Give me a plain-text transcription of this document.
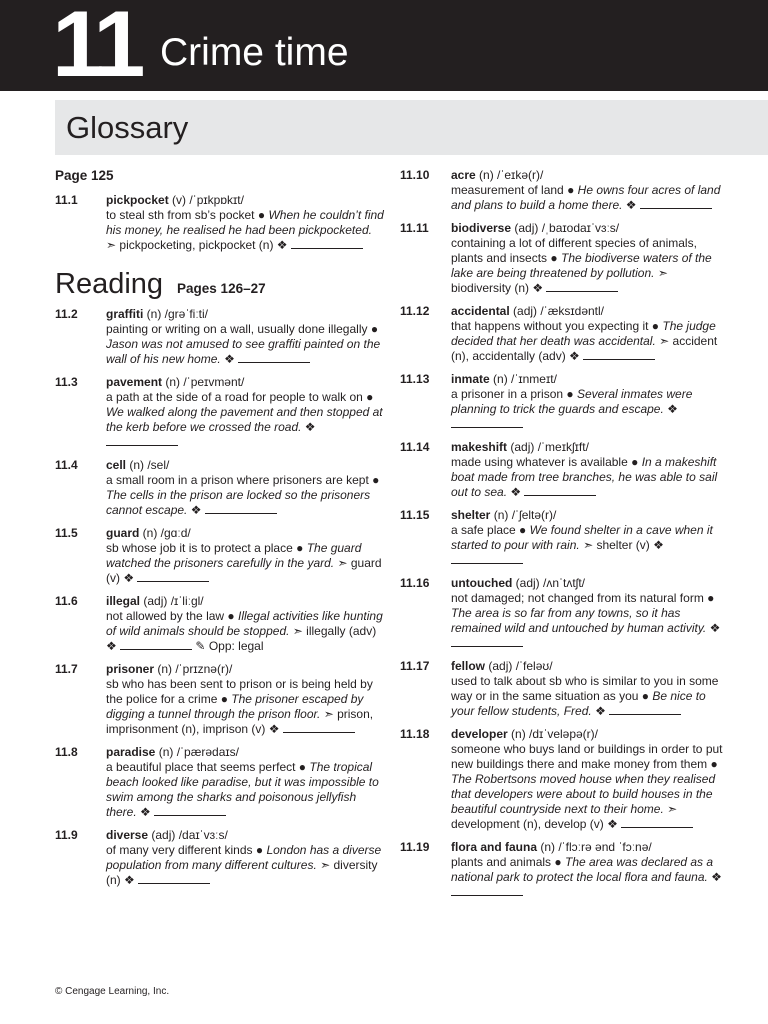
11 Crime time
Glossary
Page 125
11.1	pickpocket (v) /ˈpɪkpɒkɪt/
to steal sth from sb’s pocket ● When he couldn’t find his money, he realised he had been pickpocketed. ➣ pickpocketing, pickpocket (n) ❖
Reading Pages 126–27
11.2	graffiti (n) /ɡrəˈfiːti/
painting or writing on a wall, usually done illegally ● Jason was not amused to see graffiti painted on the wall of his new home. ❖
11.3	pavement (n) /ˈpeɪvmənt/
a path at the side of a road for people to walk on ● We walked along the pavement and then stopped at the kerb before we crossed the road. ❖
11.4	cell (n) /sel/
a small room in a prison where prisoners are kept ● The cells in the prison are locked so the prisoners cannot escape. ❖
11.5	guard (n) /ɡɑːd/
sb whose job it is to protect a place ● The guard watched the prisoners carefully in the yard. ➣ guard (v) ❖
11.6	illegal (adj) /ɪˈliːɡl/
not allowed by the law ● Illegal activities like hunting of wild animals should be stopped. ➣ illegally (adv) ❖	✎ Opp: legal
11.7	prisoner (n) /ˈprɪznə(r)/
sb who has been sent to prison or is being held by the police for a crime ● The prisoner escaped by digging a tunnel through the prison floor. ➣ prison, imprisonment (n), imprison (v) ❖
11.8	paradise (n) /ˈpærədaɪs/
a beautiful place that seems perfect ● The tropical beach looked like paradise, but it was impossible to swim among the sharks and poisonous jellyfish there. ❖
11.9	diverse (adj) /daɪˈvɜːs/
of many very different kinds ● London has a diverse population from many different cultures. ➣ diversity (n) ❖
11.10	acre (n) /ˈeɪkə(r)/
measurement of land ● He owns four acres of land and plans to build a home there. ❖
11.11	biodiverse (adj) /ˌbaɪodaɪˈvɜːs/
containing a lot of different species of animals, plants and insects ● The biodiverse waters of the lake are being threatened by pollution. ➣ biodiversity (n) ❖
11.12	accidental (adj) /ˈæksɪdəntl/
that happens without you expecting it ● The judge decided that her death was accidental. ➣ accident (n), accidentally (adv) ❖
11.13	inmate (n) /ˈɪnmeɪt/
a prisoner in a prison ● Several inmates were planning to trick the guards and escape. ❖
11.14	makeshift (adj) /ˈmeɪkʃɪft/
made using whatever is available ● In a makeshift boat made from tree branches, he was able to sail out to sea. ❖
11.15	shelter (n) /ˈʃeltə(r)/
a safe place ● We found shelter in a cave when it started to pour with rain. ➣ shelter (v) ❖
11.16	untouched (adj) /ʌnˈtʌtʃt/
not damaged; not changed from its natural form ● The area is so far from any towns, so it has remained wild and untouched by human activity. ❖
11.17	fellow (adj) /ˈfeləʊ/
used to talk about sb who is similar to you in some way or in the same situation as you ● Be nice to your fellow students, Fred. ❖
11.18	developer (n) /dɪˈveləpə(r)/
someone who buys land or buildings in order to put new buildings there and make money from them ● The Robertsons moved house when they realised that developers were about to build houses in the beautiful countryside next to their home. ➣ development (n), develop (v) ❖
11.19	flora and fauna (n) /ˈflɔːrə ənd ˈfɔːnə/
plants and animals ● The area was declared as a national park to protect the local flora and fauna. ❖
© Cengage Learning, Inc.
